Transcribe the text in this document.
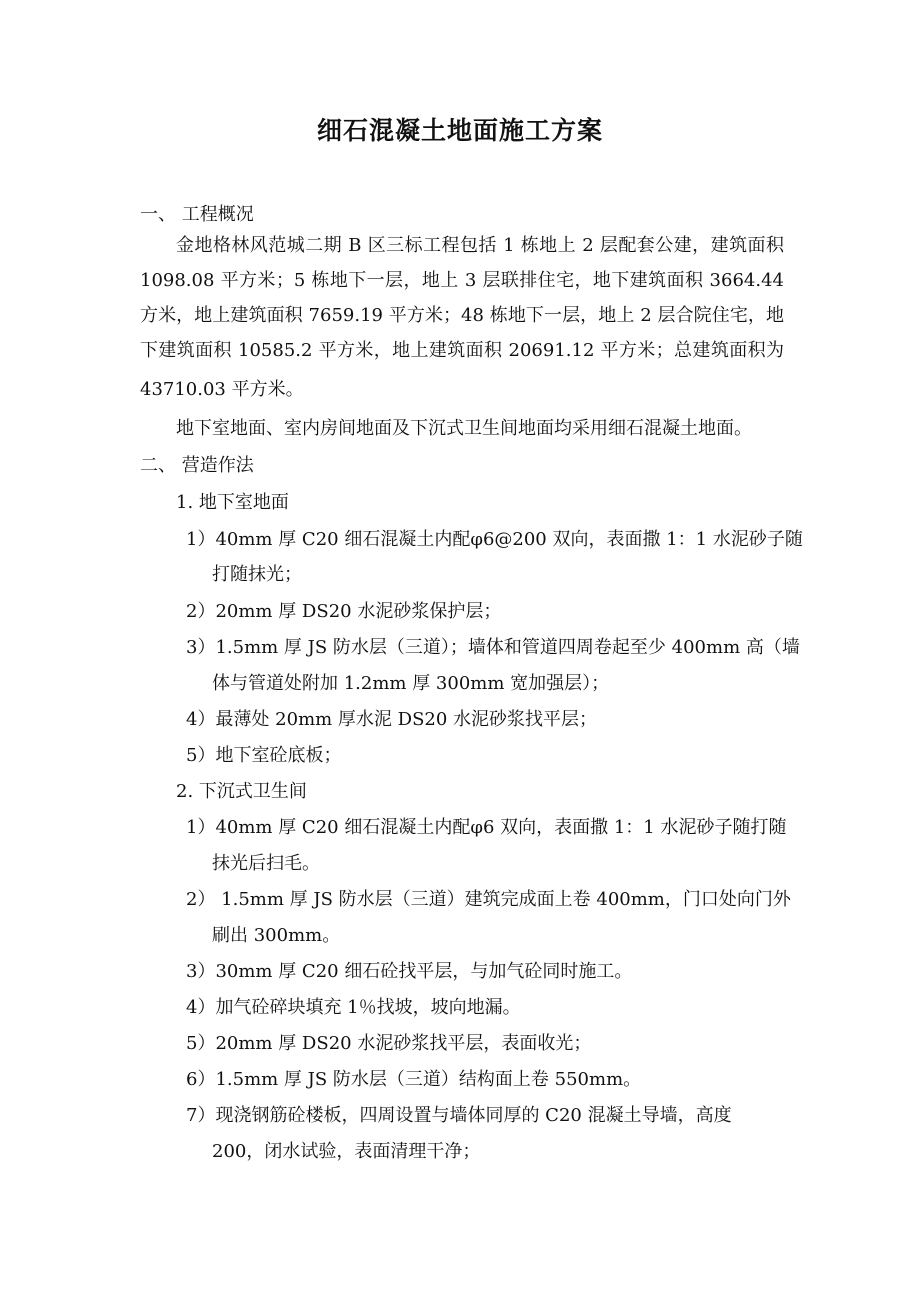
细石混凝土地面施工方案
一、 工程概况
金地格林风范城二期 B 区三标工程包括 1 栋地上 2 层配套公建，建筑面积
1098.08 平方米；5 栋地下一层，地上 3 层联排住宅，地下建筑面积 3664.44
方米，地上建筑面积 7659.19 平方米；48 栋地下一层，地上 2 层合院住宅，地
下建筑面积 10585.2 平方米，地上建筑面积 20691.12 平方米；总建筑面积为
43710.03 平方米。
地下室地面、室内房间地面及下沉式卫生间地面均采用细石混凝土地面。
二、 营造作法
1. 地下室地面
1）40mm 厚 C20 细石混凝土内配φ6@200 双向，表面撒 1：1 水泥砂子随
打随抹光；
2）20mm 厚 DS20 水泥砂浆保护层；
3）1.5mm 厚 JS 防水层（三道）；墙体和管道四周卷起至少 400mm 高（墙
体与管道处附加 1.2mm 厚 300mm 宽加强层）；
4）最薄处 20mm 厚水泥 DS20 水泥砂浆找平层；
5）地下室砼底板；
2. 下沉式卫生间
1）40mm 厚 C20 细石混凝土内配φ6 双向，表面撒 1：1 水泥砂子随打随
抹光后扫毛。
2） 1.5mm 厚 JS 防水层（三道）建筑完成面上卷 400mm，门口处向门外
刷出 300mm。
3）30mm 厚 C20 细石砼找平层，与加气砼同时施工。
4）加气砼碎块填充 1％找坡，坡向地漏。
5）20mm 厚 DS20 水泥砂浆找平层，表面收光；
6）1.5mm 厚 JS 防水层（三道）结构面上卷 550mm。
7）现浇钢筋砼楼板，四周设置与墙体同厚的 C20 混凝土导墙，高度
200，闭水试验，表面清理干净；
